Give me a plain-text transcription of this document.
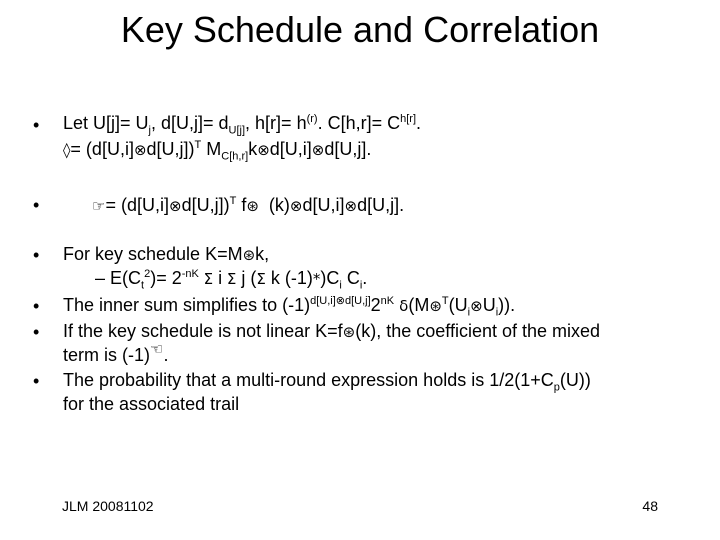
Key Schedule and Correlation
• Let $U[j]= U_j$, $d[U,j]= d_{U[j]}$, $h[r]= h^{(r)}$. $C[h,r]= C^{h[r]}$.
◊= (d[U,i]⊗d[U,j])$^T$ $M_{C[h,r]}k\otimes d[U,i]\otimes d[U,j]$.
•	☞= (d[U,i]⊗d[U,j])$^T$ f⊛ (k)⊗d[U,i]⊗d[U,j].
• For key schedule K=M⊛k,
– $E(C_t^2)= 2^{-nK}$ Σ i Σ j (Σ k $(-1)*)C_i$ $C_i$.
• The inner sum simplifies to $(-1)^{d[U,i]\otimes d[U,j]}2^{nK}$ $\delta(M⊛^T(U_i\otimes U_i))$.
• If the key schedule is not linear K=f⊛(k), the coefficient of the mixed
term is (-1)☜.
• The probability that a multi-round expression holds is $1/2(1+C_p(U))$
for the associated trail
JLM 20081102	48
